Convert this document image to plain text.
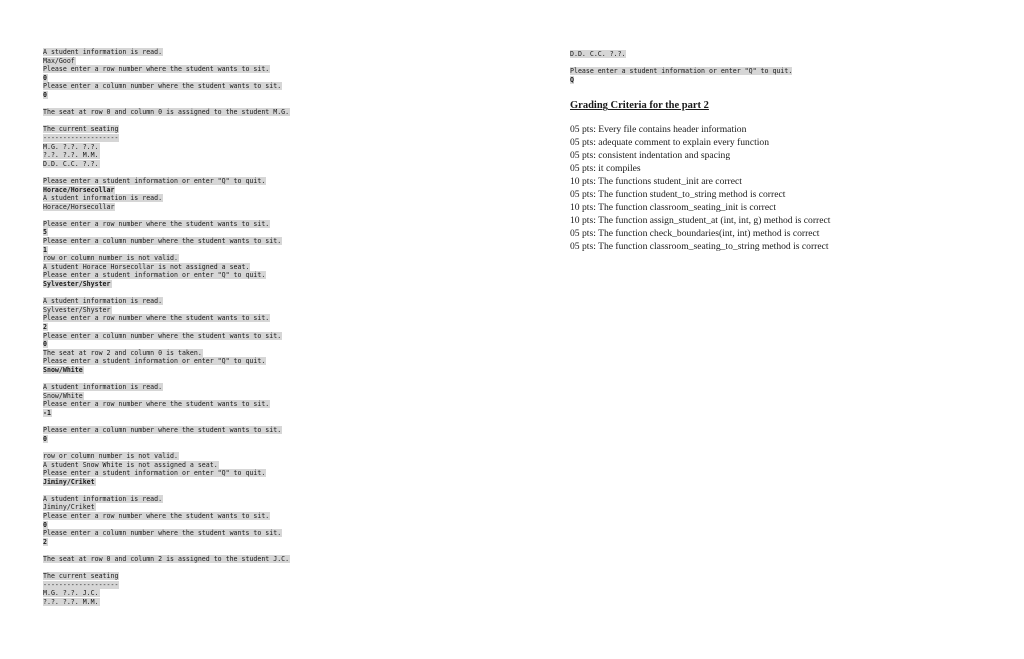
A student information is read.
Max/Goof
Please enter a row number where the student wants to sit.
0
Please enter a column number where the student wants to sit.
0
The seat at row 0 and column 0 is assigned to the student M.G.
The current seating
-------------------
M.G. ?.?. ?.?.
?.?. ?.?. M.M.
D.D. C.C. ?.?.
Please enter a student information or enter "Q" to quit.
Horace/Horsecollar
A student information is read.
Horace/Horsecollar
Please enter a row number where the student wants to sit.
5
Please enter a column number where the student wants to sit.
1
row or column number is not valid.
A student Horace Horsecollar is not assigned a seat.
Please enter a student information or enter "Q" to quit.
Sylvester/Shyster
A student information is read.
Sylvester/Shyster
Please enter a row number where the student wants to sit.
2
Please enter a column number where the student wants to sit.
0
The seat at row 2 and column 0 is taken.
Please enter a student information or enter "Q" to quit.
Snow/White
A student information is read.
Snow/White
Please enter a row number where the student wants to sit.
-1
Please enter a column number where the student wants to sit.
0
row or column number is not valid.
A student Snow White is not assigned a seat.
Please enter a student information or enter "Q" to quit.
Jiminy/Criket
A student information is read.
Jiminy/Criket
Please enter a row number where the student wants to sit.
0
Please enter a column number where the student wants to sit.
2
The seat at row 0 and column 2 is assigned to the student J.C.
The current seating
-------------------
M.G. ?.?. J.C.
?.?. ?.?. M.M.
D.D. C.C. ?.?.
Please enter a student information or enter "Q" to quit.
Q
Grading Criteria for the part 2
05 pts: Every file contains header information
05 pts: adequate comment to explain every function
05 pts: consistent indentation and spacing
05 pts: it compiles
10 pts: The functions student_init are correct
05 pts: The function student_to_string method is correct
10 pts: The function classroom_seating_init is correct
10 pts: The function assign_student_at (int, int, g) method is correct
05 pts: The function check_boundaries(int, int) method is correct
05 pts: The function classroom_seating_to_string method is correct
